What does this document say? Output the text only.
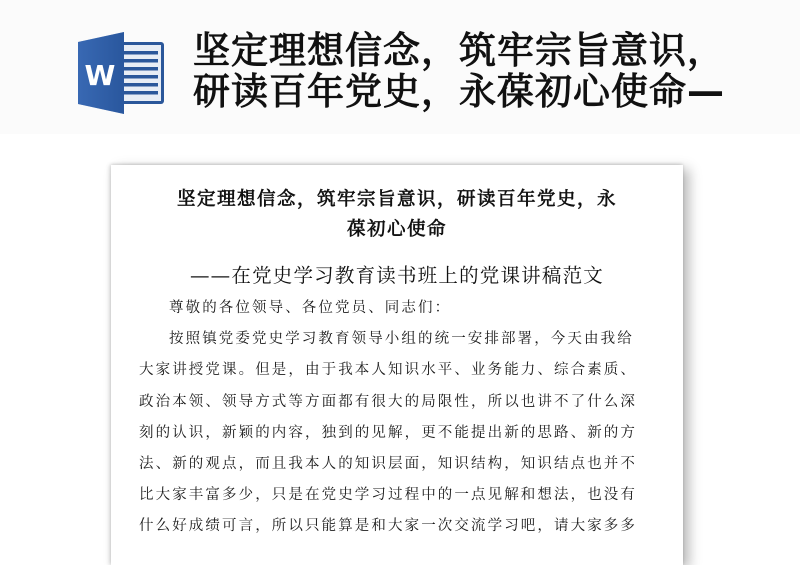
W
坚定理想信念，筑牢宗旨意识，
研读百年党史，永葆初心使命—
坚定理想信念，筑牢宗旨意识，研读百年党史，永
葆初心使命
——在党史学习教育读书班上的党课讲稿范文
尊敬的各位领导、各位党员、同志们：
按照镇党委党史学习教育领导小组的统一安排部署，今天由我给
大家讲授党课。但是，由于我本人知识水平、业务能力、综合素质、
政治本领、领导方式等方面都有很大的局限性，所以也讲不了什么深
刻的认识，新颖的内容，独到的见解，更不能提出新的思路、新的方
法、新的观点，而且我本人的知识层面，知识结构，知识结点也并不
比大家丰富多少，只是在党史学习过程中的一点见解和想法，也没有
什么好成绩可言，所以只能算是和大家一次交流学习吧，请大家多多
